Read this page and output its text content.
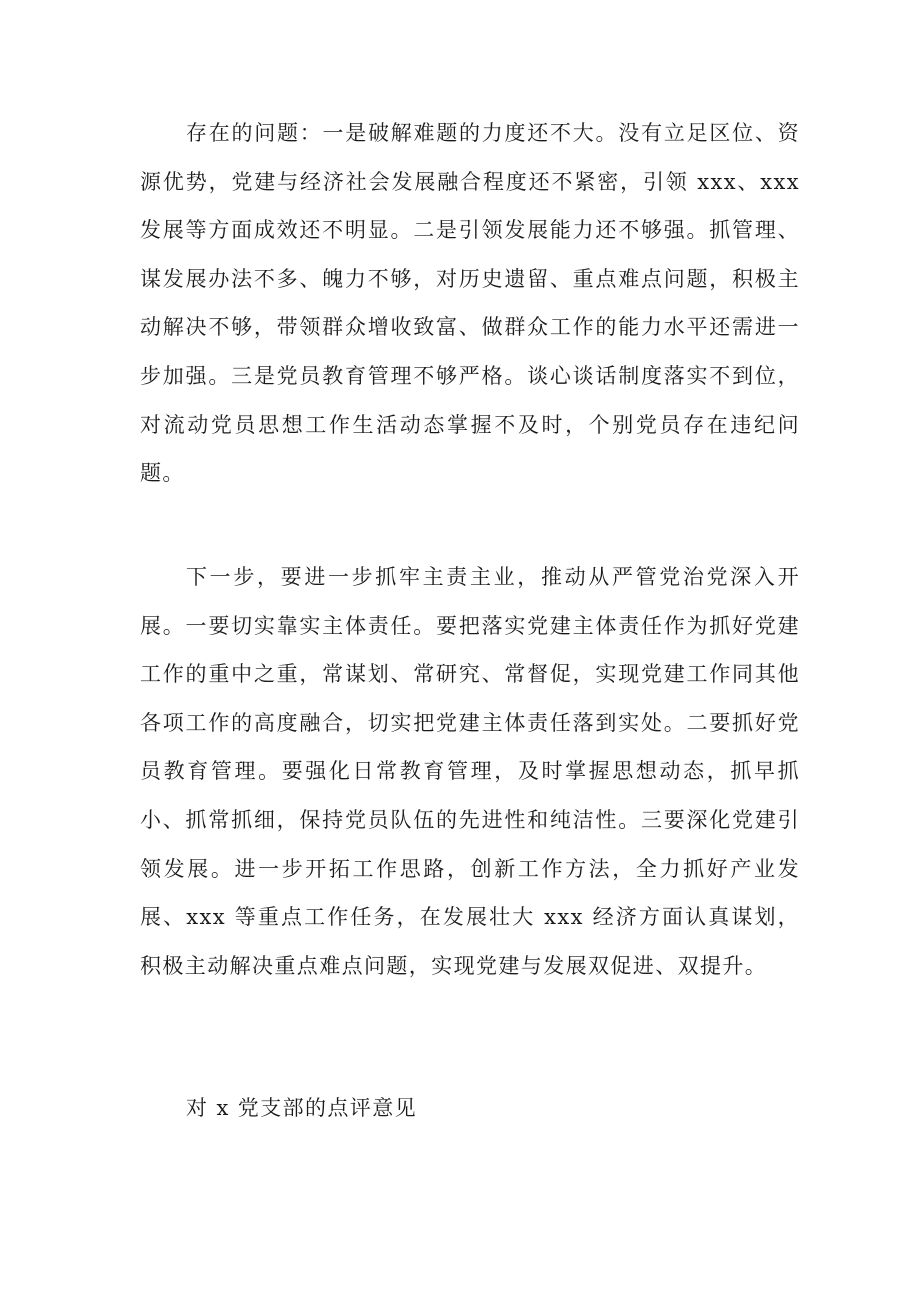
存在的问题：一是破解难题的力度还不大。没有立足区位、资源优势，党建与经济社会发展融合程度还不紧密，引领 xxx、xxx 发展等方面成效还不明显。二是引领发展能力还不够强。抓管理、谋发展办法不多、魄力不够，对历史遗留、重点难点问题，积极主动解决不够，带领群众增收致富、做群众工作的能力水平还需进一步加强。三是党员教育管理不够严格。谈心谈话制度落实不到位，对流动党员思想工作生活动态掌握不及时，个别党员存在违纪问题。

下一步，要进一步抓牢主责主业，推动从严管党治党深入开展。一要切实靠实主体责任。要把落实党建主体责任作为抓好党建工作的重中之重，常谋划、常研究、常督促，实现党建工作同其他各项工作的高度融合，切实把党建主体责任落到实处。二要抓好党员教育管理。要强化日常教育管理，及时掌握思想动态，抓早抓小、抓常抓细，保持党员队伍的先进性和纯洁性。三要深化党建引领发展。进一步开拓工作思路，创新工作方法，全力抓好产业发展、xxx 等重点工作任务，在发展壮大 xxx 经济方面认真谋划，积极主动解决重点难点问题，实现党建与发展双促进、双提升。

对 x 党支部的点评意见
